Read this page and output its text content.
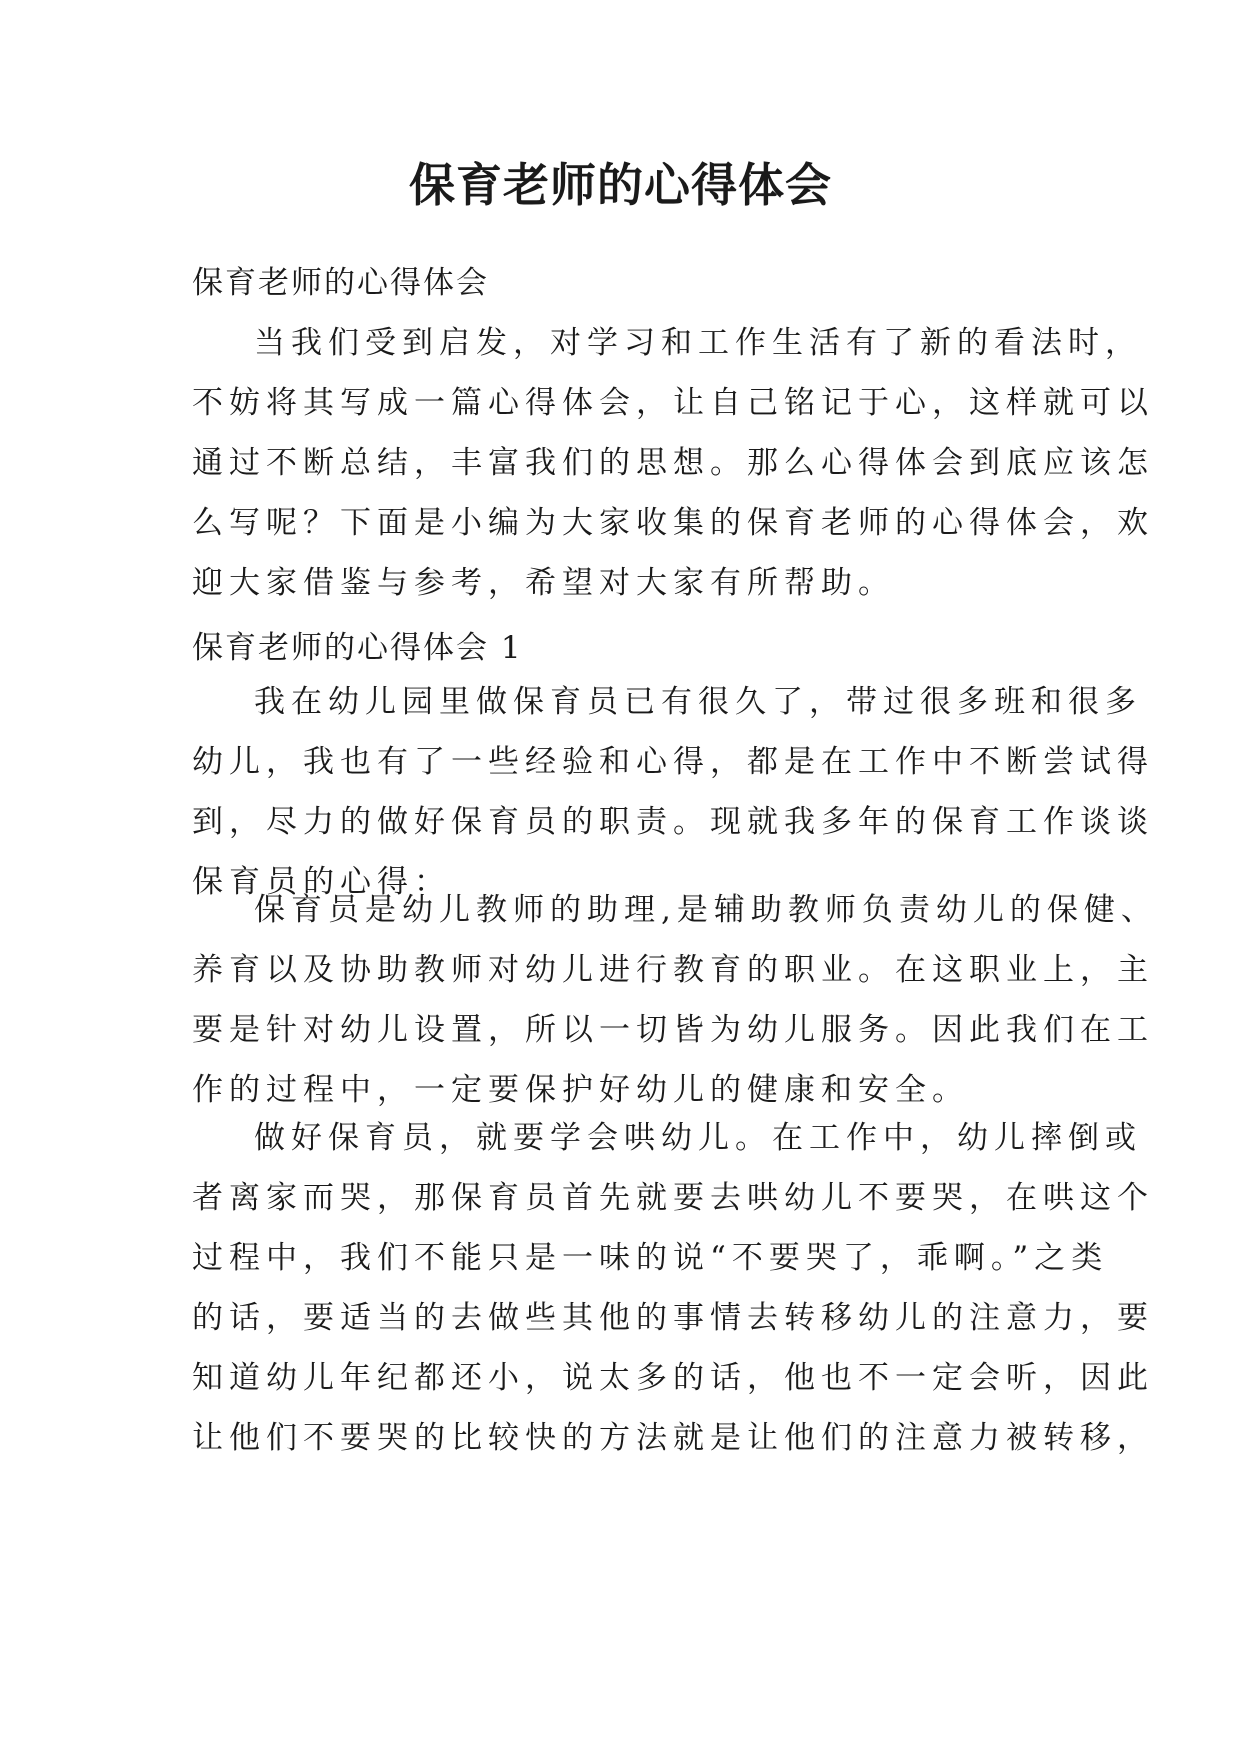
保育老师的心得体会
保育老师的心得体会
当我们受到启发，对学习和工作生活有了新的看法时，
不妨将其写成一篇心得体会，让自己铭记于心，这样就可以
通过不断总结，丰富我们的思想。那么心得体会到底应该怎
么写呢？下面是小编为大家收集的保育老师的心得体会，欢
迎大家借鉴与参考，希望对大家有所帮助。
保育老师的心得体会 1
我在幼儿园里做保育员已有很久了，带过很多班和很多
幼儿，我也有了一些经验和心得，都是在工作中不断尝试得
到，尽力的做好保育员的职责。现就我多年的保育工作谈谈
保育员的心得：
保育员是幼儿教师的助理,是辅助教师负责幼儿的保健、
养育以及协助教师对幼儿进行教育的职业。在这职业上，主
要是针对幼儿设置，所以一切皆为幼儿服务。因此我们在工
作的过程中，一定要保护好幼儿的健康和安全。
做好保育员，就要学会哄幼儿。在工作中，幼儿摔倒或
者离家而哭，那保育员首先就要去哄幼儿不要哭，在哄这个
过程中，我们不能只是一味的说“不要哭了，乖啊。”之类
的话，要适当的去做些其他的事情去转移幼儿的注意力，要
知道幼儿年纪都还小，说太多的话，他也不一定会听，因此
让他们不要哭的比较快的方法就是让他们的注意力被转移，
